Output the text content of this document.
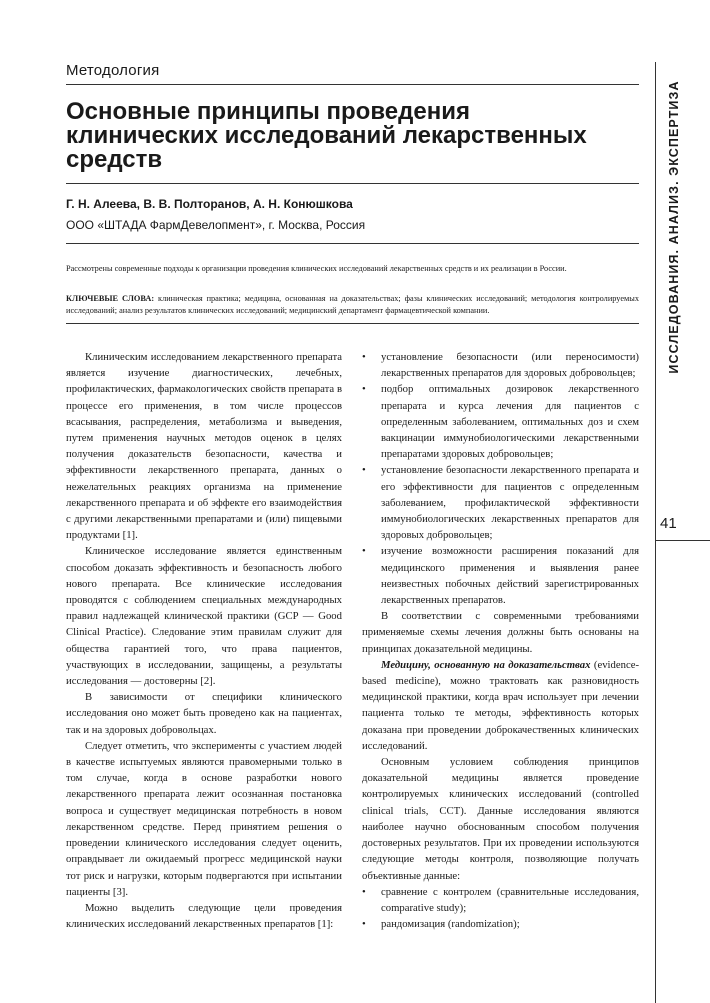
Методология
Основные принципы проведения клинических исследований лекарственных средств
Г. Н. Алеева, В. В. Полторанов, А. Н. Конюшкова
ООО «ШТАДА ФармДевелопмент», г. Москва, Россия
Рассмотрены современные подходы к организации проведения клинических исследований лекарственных средств и их реализации в России.
КЛЮЧЕВЫЕ СЛОВА: клиническая практика; медицина, основанная на доказательствах; фазы клинических исследований; методология контролируемых исследований; анализ результатов клинических исследований; медицинский департамент фармацевтической компании.

Клиническим исследованием лекарственного препарата является изучение диагностических, лечебных, профилактических, фармакологических свойств препарата в процессе его применения, в том числе процессов всасывания, распределения, метаболизма и выведения, путем применения научных методов оценок в целях получения доказательств безопасности, качества и эффективности лекарственного препарата, данных о нежелательных реакциях организма на применение лекарственного препарата и об эффекте его взаимодействия с другими лекарственными препаратами и (или) пищевыми продуктами [1].

Клиническое исследование является единственным способом доказать эффективность и безопасность любого нового препарата. Все клинические исследования проводятся с соблюдением специальных международных правил надлежащей клинической практики (GCP — Good Clinical Practice). Следование этим правилам служит для общества гарантией того, что права пациентов, участвующих в исследовании, защищены, а результаты исследования — достоверны [2].

В зависимости от специфики клинического исследования оно может быть проведено как на пациентах, так и на здоровых добровольцах.

Следует отметить, что эксперименты с участием людей в качестве испытуемых являются правомерными только в том случае, когда в основе разработки нового лекарственного препарата лежит осознанная постановка вопроса и существует медицинская потребность в новом лекарственном средстве. Перед принятием решения о проведении клинического исследования следует оценить, оправдывает ли ожидаемый прогресс медицинской науки тот риск и нагрузки, которым подвергаются при испытании пациенты [3].

Можно выделить следующие цели проведения клинических исследований лекарственных препаратов [1]:

• установление безопасности (или переносимости) лекарственных препаратов для здоровых добровольцев;
• подбор оптимальных дозировок лекарственного препарата и курса лечения для пациентов с определенным заболеванием, оптимальных доз и схем вакцинации иммунобиологическими лекарственными препаратами здоровых добровольцев;
• установление безопасности лекарственного препарата и его эффективности для пациентов с определенным заболеванием, профилактической эффективности иммунобиологических лекарственных препаратов для здоровых добровольцев;
• изучение возможности расширения показаний для медицинского применения и выявления ранее неизвестных побочных действий зарегистрированных лекарственных препаратов.

В соответствии с современными требованиями применяемые схемы лечения должны быть основаны на принципах доказательной медицины.

Медицину, основанную на доказательствах (evidence-based medicine), можно трактовать как разновидность медицинской практики, когда врач использует при лечении пациента только те методы, эффективность которых доказана при проведении доброкачественных клинических исследований.

Основным условием соблюдения принципов доказательной медицины является проведение контролируемых клинических исследований (controlled clinical trials, CCT). Данные исследования являются наиболее научно обоснованным способом получения достоверных результатов. При их проведении используются следующие методы контроля, позволяющие получать объективные данные:

• сравнение с контролем (сравнительные исследования, comparative study);
• рандомизация (randomization);
ИССЛЕДОВАНИЯ. АНАЛИЗ. ЭКСПЕРТИЗА
41
